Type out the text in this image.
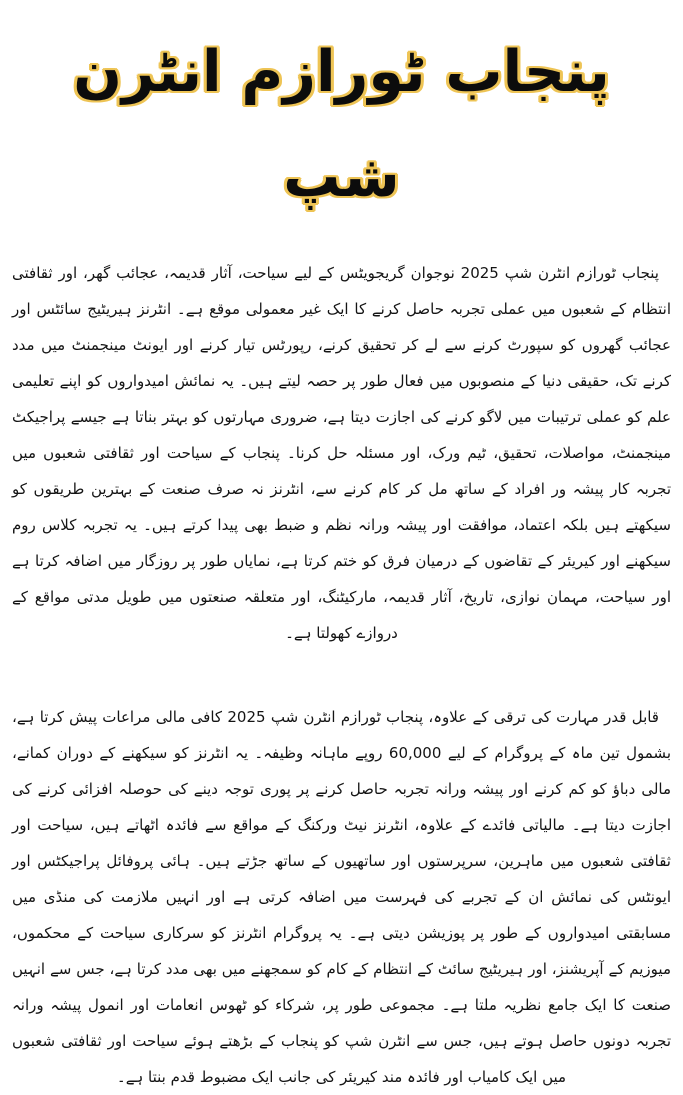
پنجاب ٹورازم انٹرن شپ

پنجاب ٹورازم انٹرن شپ 2025 نوجوان گریجویٹس کے لیے سیاحت، آثار قدیمہ، عجائب گھر، اور ثقافتی انتظام کے شعبوں میں عملی تجربہ حاصل کرنے کا ایک غیر معمولی موقع ہے۔ انٹرنز ہیریٹیج سائٹس اور عجائب گھروں کو سپورٹ کرنے سے لے کر تحقیق کرنے، رپورٹس تیار کرنے اور ایونٹ مینجمنٹ میں مدد کرنے تک، حقیقی دنیا کے منصوبوں میں فعال طور پر حصہ لیتے ہیں۔ یہ نمائش امیدواروں کو اپنے تعلیمی علم کو عملی ترتیبات میں لاگو کرنے کی اجازت دیتا ہے، ضروری مہارتوں کو بہتر بناتا ہے جیسے پراجیکٹ مینجمنٹ، مواصلات، تحقیق، ٹیم ورک، اور مسئلہ حل کرنا۔ پنجاب کے سیاحت اور ثقافتی شعبوں میں تجربہ کار پیشہ ور افراد کے ساتھ مل کر کام کرنے سے، انٹرنز نہ صرف صنعت کے بہترین طریقوں کو سیکھتے ہیں بلکہ اعتماد، موافقت اور پیشہ ورانہ نظم و ضبط بھی پیدا کرتے ہیں۔ یہ تجربہ کلاس روم سیکھنے اور کیریئر کے تقاضوں کے درمیان فرق کو ختم کرتا ہے، نمایاں طور پر روزگار میں اضافہ کرتا ہے اور سیاحت، مہمان نوازی، تاریخ، آثار قدیمہ، مارکیٹنگ، اور متعلقہ صنعتوں میں طویل مدتی مواقع کے دروازے کھولتا ہے۔

قابل قدر مہارت کی ترقی کے علاوہ، پنجاب ٹورازم انٹرن شپ 2025 کافی مالی مراعات پیش کرتا ہے، بشمول تین ماہ کے پروگرام کے لیے 60,000 روپے ماہانہ وظیفہ۔ یہ انٹرنز کو سیکھنے کے دوران کمانے، مالی دباؤ کو کم کرنے اور پیشہ ورانہ تجربہ حاصل کرنے پر پوری توجہ دینے کی حوصلہ افزائی کرنے کی اجازت دیتا ہے۔ مالیاتی فائدے کے علاوہ، انٹرنز نیٹ ورکنگ کے مواقع سے فائدہ اٹھاتے ہیں، سیاحت اور ثقافتی شعبوں میں ماہرین، سرپرستوں اور ساتھیوں کے ساتھ جڑتے ہیں۔ ہائی پروفائل پراجیکٹس اور ایونٹس کی نمائش ان کے تجربے کی فہرست میں اضافہ کرتی ہے اور انہیں ملازمت کی منڈی میں مسابقتی امیدواروں کے طور پر پوزیشن دیتی ہے۔ یہ پروگرام انٹرنز کو سرکاری سیاحت کے محکموں، میوزیم کے آپریشنز، اور ہیریٹیج سائٹ کے انتظام کے کام کو سمجھنے میں بھی مدد کرتا ہے، جس سے انہیں صنعت کا ایک جامع نظریہ ملتا ہے۔ مجموعی طور پر، شرکاء کو ٹھوس انعامات اور انمول پیشہ ورانہ تجربہ دونوں حاصل ہوتے ہیں، جس سے انٹرن شپ کو پنجاب کے بڑھتے ہوئے سیاحت اور ثقافتی شعبوں میں ایک کامیاب اور فائدہ مند کیریئر کی جانب ایک مضبوط قدم بنتا ہے۔
